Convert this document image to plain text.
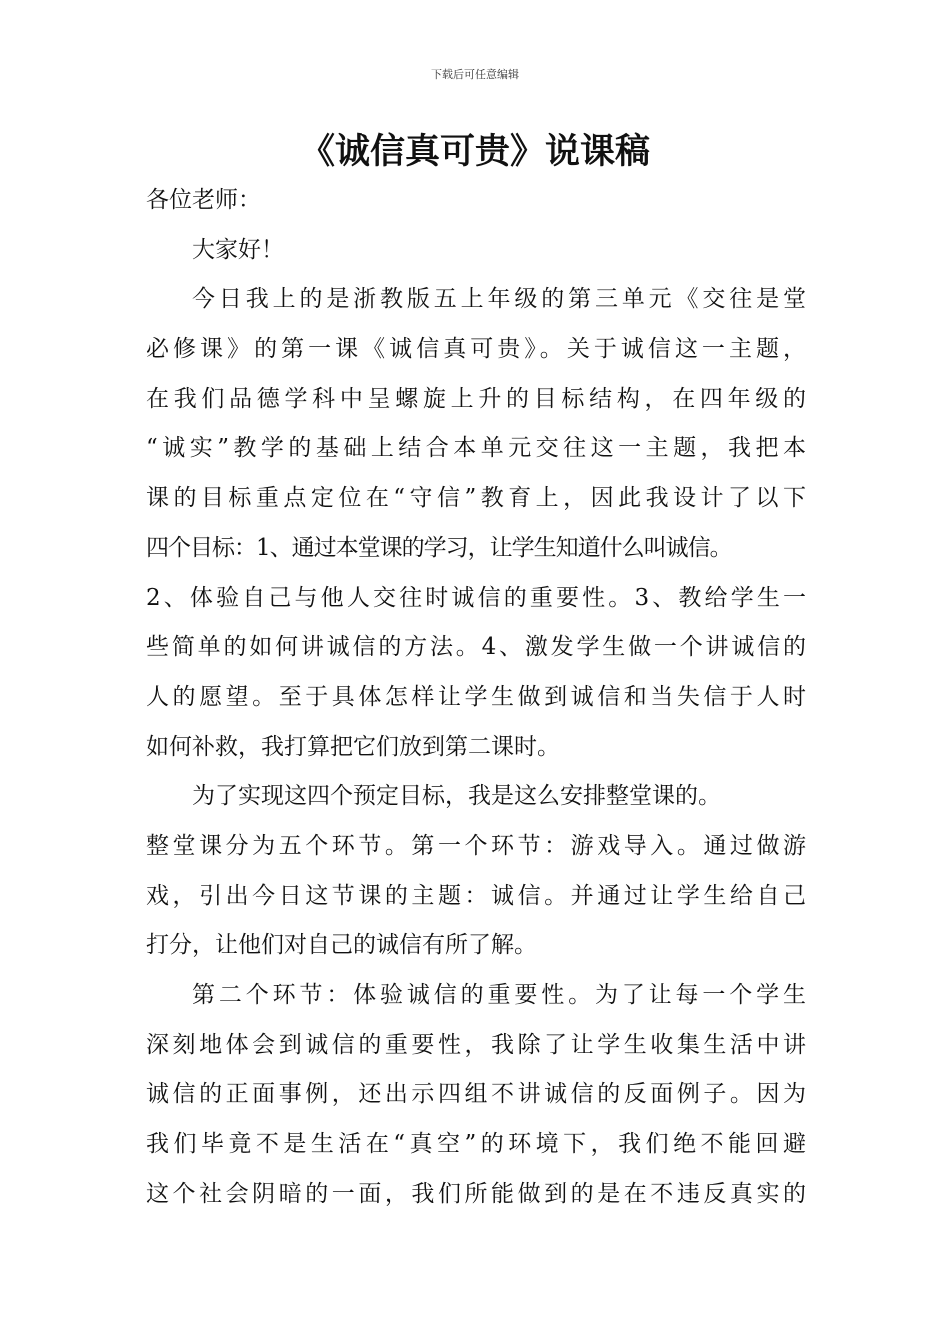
下载后可任意编辑
《诚信真可贵》说课稿
各位老师：
大家好！
今日我上的是浙教版五上年级的第三单元《交往是堂
必修课》的第一课《诚信真可贵》。关于诚信这一主题，
在我们品德学科中呈螺旋上升的目标结构，在四年级的
“诚实”教学的基础上结合本单元交往这一主题，我把本
课的目标重点定位在“守信”教育上，因此我设计了以下
四个目标：1、通过本堂课的学习，让学生知道什么叫诚信。
2、体验自己与他人交往时诚信的重要性。3、教给学生一
些简单的如何讲诚信的方法。4、激发学生做一个讲诚信的
人的愿望。至于具体怎样让学生做到诚信和当失信于人时
如何补救，我打算把它们放到第二课时。
为了实现这四个预定目标，我是这么安排整堂课的。
整堂课分为五个环节。第一个环节：游戏导入。通过做游
戏，引出今日这节课的主题：诚信。并通过让学生给自己
打分，让他们对自己的诚信有所了解。
第二个环节：体验诚信的重要性。为了让每一个学生
深刻地体会到诚信的重要性，我除了让学生收集生活中讲
诚信的正面事例，还出示四组不讲诚信的反面例子。因为
我们毕竟不是生活在“真空”的环境下，我们绝不能回避
这个社会阴暗的一面，我们所能做到的是在不违反真实的
